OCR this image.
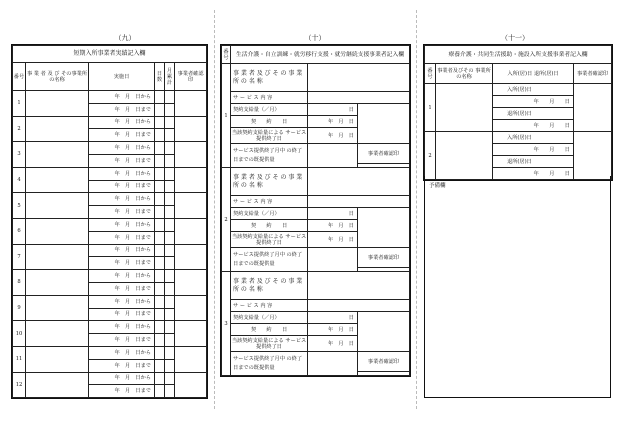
（九）
短期入所事業者実績記入欄					
番号	事 業 者 及 び その事業所の名称	実施日	日数	月累計	事業者確認印
1		年　月　日から			
		年　月　日まで			
2		年　月　日から			
		年　月　日まで			
3		年　月　日から			
		年　月　日まで			
4		年　月　日から			
		年　月　日まで			
5		年　月　日から			
		年　月　日まで			
6		年　月　日から			
		年　月　日まで			
7		年　月　日から			
		年　月　日まで			
8		年　月　日から			
		年　月　日まで			
9		年　月　日から			
		年　月　日まで			
10		年　月　日から			
		年　月　日まで			
11		年　月　日から			
		年　月　日まで			
12		年　月　日から			
		年　月　日まで			
（十）
番号	生活介護・自立訓練・就労移行支援・就労継続支援事業者記入欄			
1	事 業 者 及 び そ の 事 業 所 の 名 称			
	サ ー ビ ス 内 容		
	契約支給量（／月）	日		
	契　　約　　日	年　月　日		
	当該契約支給量による サービス提供終了日	年　月　日		
	サービス提供終了月中 の終了日までの既提供量		事業者確認印	

2	事 業 者 及 び そ の 事 業 所 の 名 称			
	サ ー ビ ス 内 容		
	契約支給量（／月）	日		
	契　　約　　日	年　月　日		
	当該契約支給量による サービス提供終了日	年　月　日		
	サービス提供終了月中 の終了日までの既提供量		事業者確認印	

3	事 業 者 及 び そ の 事 業 所 の 名 称			
	サ ー ビ ス 内 容		
	契約支給量（／月）	日		
	契　　約　　日	年　月　日		
	当該契約支給量による サービス提供終了日	年　月　日		
	サービス提供終了月中 の終了日までの既提供量		事業者確認印	

（十一）
療養介護・共同生活援助・施設入所支援事業者記入欄			
番号	事業者及びその 事業所の名称	入所(居)日 退所(居)日	事業者確認印
1		入所(居)日	
		年　　月　　日	
		退所(居)日	
		年　　月　　日	
2		入所(居)日	
		年　　月　　日	
		退所(居)日	
		年　　月　　日	
予備欄
